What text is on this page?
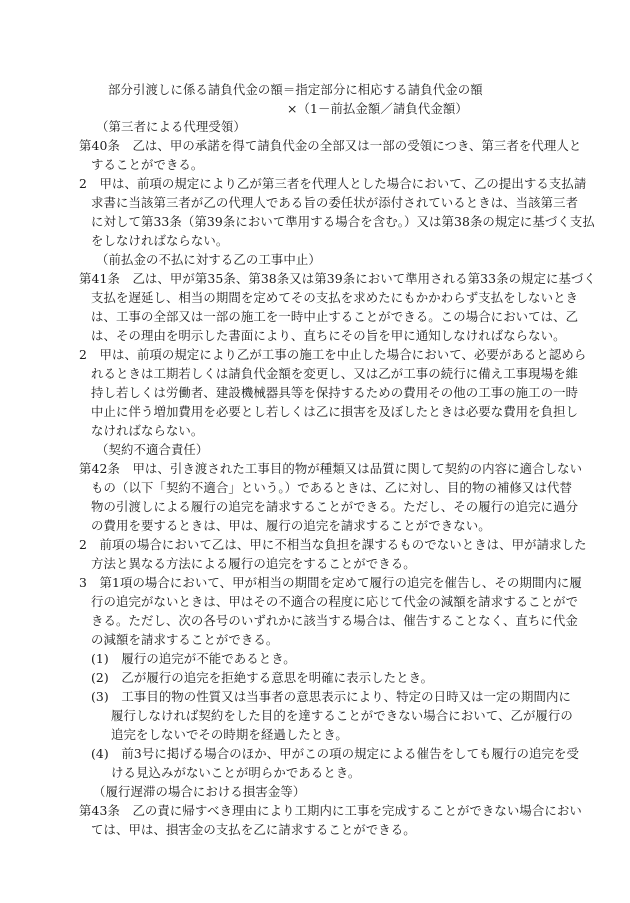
部分引渡しに係る請負代金の額＝指定部分に相応する請負代金の額
×（1－前払金額／請負代金額）
（第三者による代理受領）
第40条　乙は、甲の承諾を得て請負代金の全部又は一部の受領につき、第三者を代理人と
することができる。
2　甲は、前項の規定により乙が第三者を代理人とした場合において、乙の提出する支払請
求書に当該第三者が乙の代理人である旨の委任状が添付されているときは、当該第三者
に対して第33条（第39条において準用する場合を含む。）又は第38条の規定に基づく支払
をしなければならない。
（前払金の不払に対する乙の工事中止）
第41条　乙は、甲が第35条、第38条又は第39条において準用される第33条の規定に基づく
支払を遅延し、相当の期間を定めてその支払を求めたにもかかわらず支払をしないとき
は、工事の全部又は一部の施工を一時中止することができる。この場合においては、乙
は、その理由を明示した書面により、直ちにその旨を甲に通知しなければならない。
2　甲は、前項の規定により乙が工事の施工を中止した場合において、必要があると認めら
れるときは工期若しくは請負代金額を変更し、又は乙が工事の続行に備え工事現場を維
持し若しくは労働者、建設機械器具等を保持するための費用その他の工事の施工の一時
中止に伴う増加費用を必要とし若しくは乙に損害を及ぼしたときは必要な費用を負担し
なければならない。
（契約不適合責任）
第42条　甲は、引き渡された工事目的物が種類又は品質に関して契約の内容に適合しない
もの（以下「契約不適合」という。）であるときは、乙に対し、目的物の補修又は代替
物の引渡しによる履行の追完を請求することができる。ただし、その履行の追完に過分
の費用を要するときは、甲は、履行の追完を請求することができない。
2　前項の場合において乙は、甲に不相当な負担を課するものでないときは、甲が請求した
方法と異なる方法による履行の追完をすることができる。
3　第1項の場合において、甲が相当の期間を定めて履行の追完を催告し、その期間内に履
行の追完がないときは、甲はその不適合の程度に応じて代金の減額を請求することがで
きる。ただし、次の各号のいずれかに該当する場合は、催告することなく、直ちに代金
の減額を請求することができる。
(1)　履行の追完が不能であるとき。
(2)　乙が履行の追完を拒絶する意思を明確に表示したとき。
(3)　工事目的物の性質又は当事者の意思表示により、特定の日時又は一定の期間内に
履行しなければ契約をした目的を達することができない場合において、乙が履行の
追完をしないでその時期を経過したとき。
(4)　前3号に掲げる場合のほか、甲がこの項の規定による催告をしても履行の追完を受
ける見込みがないことが明らかであるとき。
（履行遅滞の場合における損害金等）
第43条　乙の責に帰すべき理由により工期内に工事を完成することができない場合におい
ては、甲は、損害金の支払を乙に請求することができる。
